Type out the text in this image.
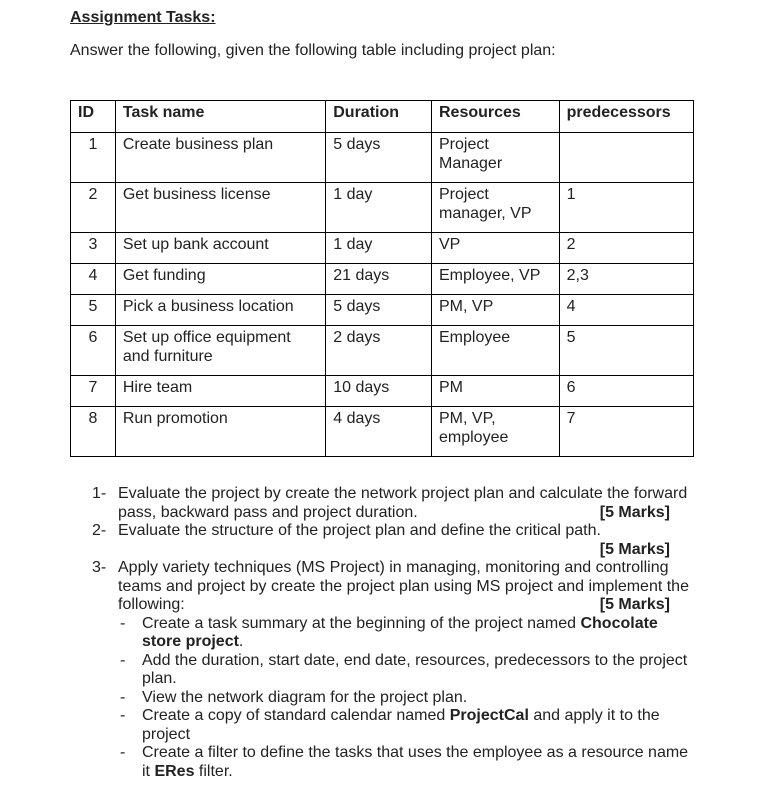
Assignment Tasks:

Answer the following, given the following table including project plan:

ID	Task name	Duration	Resources	predecessors
1	Create business plan	5 days	Project Manager	
2	Get business license	1 day	Project manager, VP	1
3	Set up bank account	1 day	VP	2
4	Get funding	21 days	Employee, VP	2,3
5	Pick a business location	5 days	PM, VP	4
6	Set up office equipment and furniture	2 days	Employee	5
7	Hire team	10 days	PM	6
8	Run promotion	4 days	PM, VP, employee	7
1- Evaluate the project by create the network project plan and calculate the forward pass, backward pass and project duration.	[5 Marks]
2- Evaluate the structure of the project plan and define the critical path.
[5 Marks]
3- Apply variety techniques (MS Project) in managing, monitoring and controlling teams and project by create the project plan using MS project and implement the following:	[5 Marks]
- Create a task summary at the beginning of the project named Chocolate store project.
- Add the duration, start date, end date, resources, predecessors to the project plan.
- View the network diagram for the project plan.
- Create a copy of standard calendar named ProjectCal and apply it to the project
- Create a filter to define the tasks that uses the employee as a resource name it ERes filter.
